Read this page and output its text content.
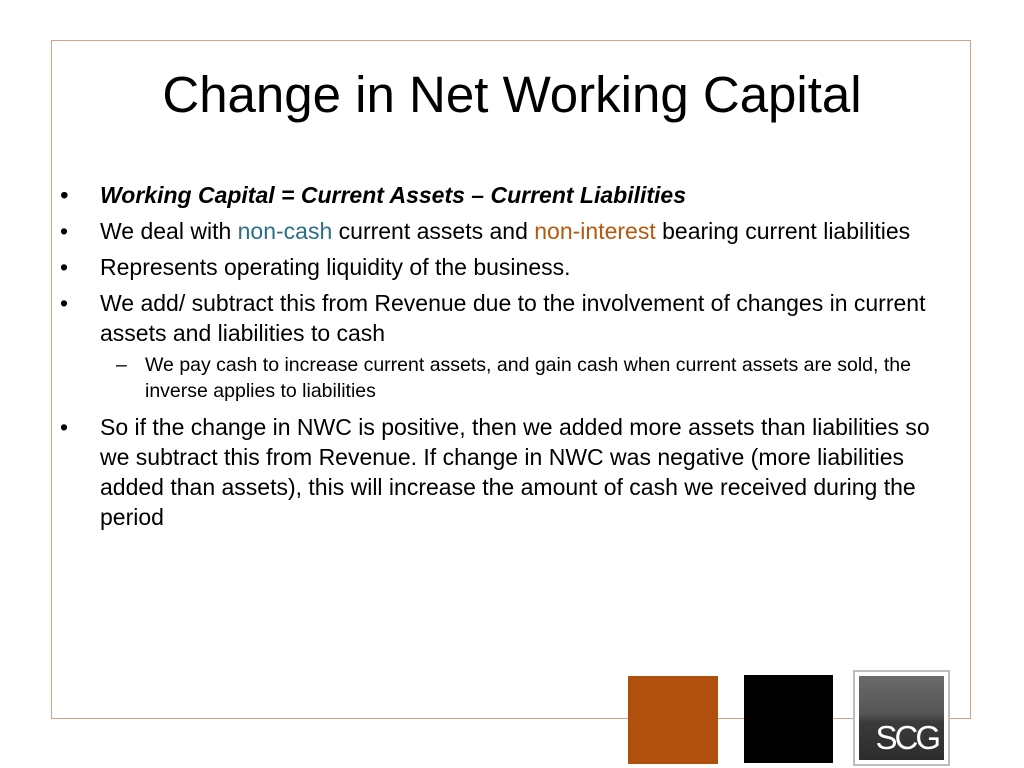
Change in Net Working Capital
•	Working Capital = Current Assets – Current Liabilities
•	We deal with non-cash current assets and non-interest bearing current liabilities
•	Represents operating liquidity of the business.
•	We add/ subtract this from Revenue due to the involvement of changes in current assets and liabilities to cash
– We pay cash to increase current assets, and gain cash when current assets are sold, the inverse applies to liabilities
•	So if the change in NWC is positive, then we added more assets than liabilities so we subtract this from Revenue. If change in NWC was negative (more liabilities added than assets), this will increase the amount of cash we received during the period
SCG
